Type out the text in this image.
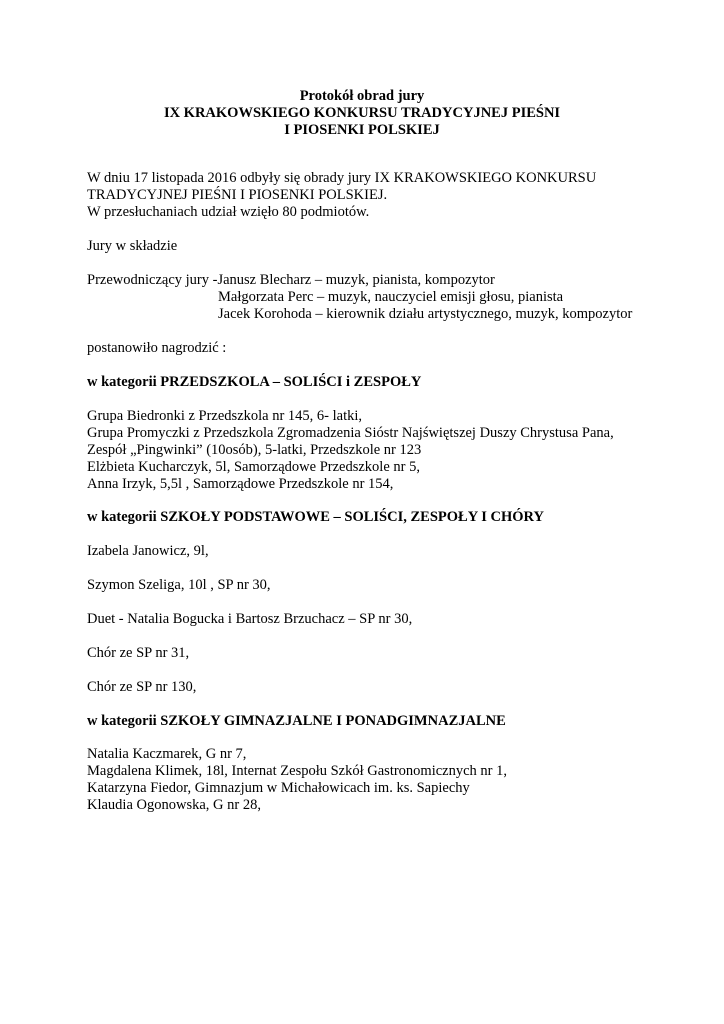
Protokół obrad jury
IX KRAKOWSKIEGO KONKURSU TRADYCYJNEJ PIEŚNI
I PIOSENKI POLSKIEJ
W dniu 17 listopada 2016 odbyły się obrady jury IX KRAKOWSKIEGO KONKURSU
TRADYCYJNEJ PIEŚNI I PIOSENKI POLSKIEJ.
W przesłuchaniach udział wzięło 80 podmiotów.
Jury w składzie
Przewodniczący jury -Janusz Blecharz – muzyk, pianista, kompozytor
Małgorzata Perc – muzyk, nauczyciel emisji głosu, pianista
Jacek Korohoda – kierownik działu artystycznego, muzyk, kompozytor
postanowiło nagrodzić :
w kategorii PRZEDSZKOLA – SOLIŚCI i ZESPOŁY
Grupa Biedronki z Przedszkola nr 145, 6- latki,
Grupa Promyczki z Przedszkola Zgromadzenia Sióstr Najświętszej Duszy Chrystusa Pana,
Zespół „Pingwinki” (10osób), 5-latki, Przedszkole nr 123
Elżbieta Kucharczyk, 5l, Samorządowe Przedszkole nr 5,
Anna Irzyk, 5,5l , Samorządowe Przedszkole nr 154,
w kategorii SZKOŁY PODSTAWOWE – SOLIŚCI, ZESPOŁY I CHÓRY
Izabela Janowicz, 9l,
Szymon Szeliga, 10l , SP nr 30,
Duet - Natalia Bogucka i Bartosz Brzuchacz – SP nr 30,
Chór ze SP nr 31,
Chór ze SP nr 130,
w kategorii SZKOŁY GIMNAZJALNE I PONADGIMNAZJALNE
Natalia Kaczmarek, G nr 7,
Magdalena Klimek, 18l, Internat Zespołu Szkół Gastronomicznych nr 1,
Katarzyna Fiedor, Gimnazjum w Michałowicach im. ks. Sapiechy
Klaudia Ogonowska, G nr 28,
